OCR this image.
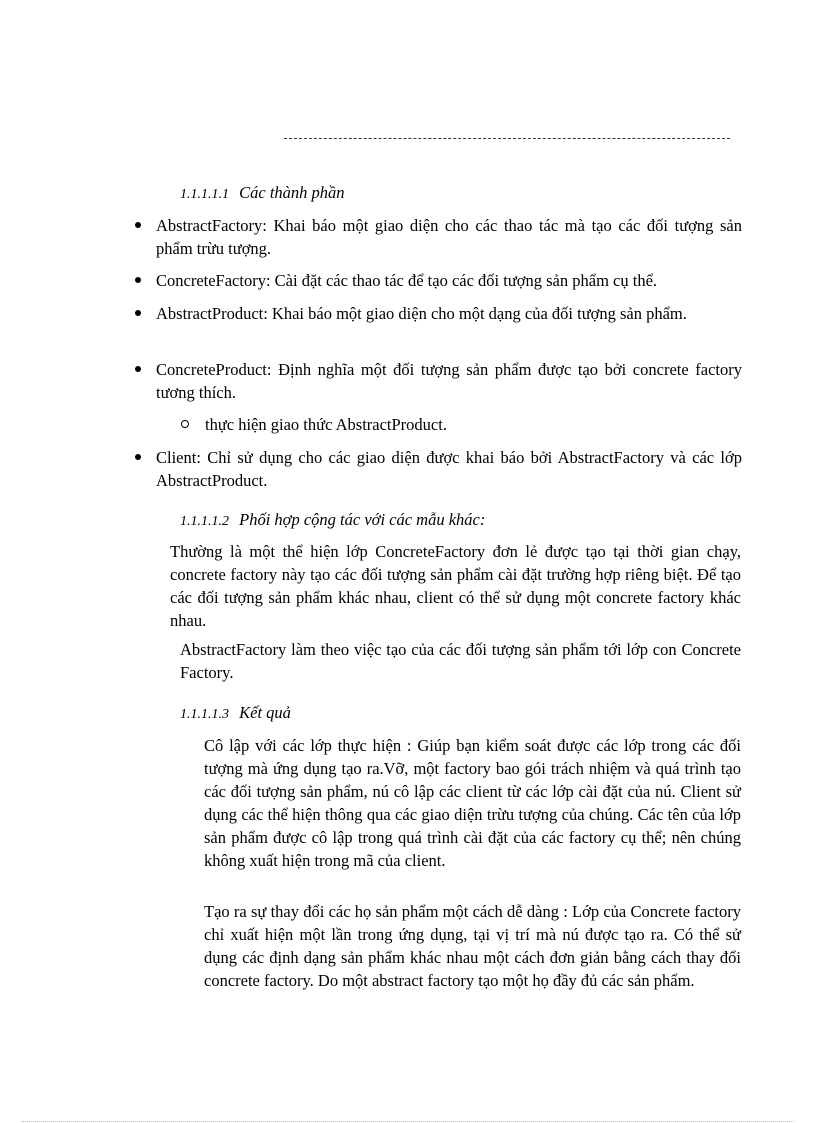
1.1.1.1.1 Các thành phần
AbstractFactory: Khai báo một giao diện cho các thao tác mà tạo các đối tượng sản phẩm trừu tượng.
ConcreteFactory: Cài đặt các thao tác để tạo các đối tượng sản phẩm cụ thể.
AbstractProduct: Khai báo một giao diện cho một dạng của đối tượng sản phẩm.
ConcreteProduct: Định nghĩa một đối tượng sản phẩm được tạo bởi concrete factory tương thích.
thực hiện giao thức AbstractProduct.
Client: Chỉ sử dụng cho các giao diện được khai báo bởi AbstractFactory và các lớp AbstractProduct.
1.1.1.1.2 Phối hợp cộng tác với các mẫu khác:
Thường là một thể hiện lớp ConcreteFactory đơn lẻ được tạo tại thời gian chạy, concrete factory này tạo các đối tượng sản phẩm cài đặt trường hợp riêng biệt. Để tạo các đối tượng sản phẩm khác nhau, client có thể sử dụng một concrete factory khác nhau.
AbstractFactory làm theo việc tạo của các đối tượng sản phẩm tới lớp con Concrete Factory.
1.1.1.1.3 Kết quả
Cô lập với các lớp thực hiện : Giúp bạn kiểm soát được các lớp trong các đối tượng mà ứng dụng tạo ra.Vỡ, một factory bao gói trách nhiệm và quá trình tạo các đối tượng sản phẩm, nú cô lập các client từ các lớp cài đặt của nú. Client sử dụng các thể hiện thông qua các giao diện trừu tượng của chúng. Các tên của lớp sản phẩm được cô lập trong quá trình cài đặt của các factory cụ thể; nên chúng không xuất hiện trong mã của client.
Tạo ra sự thay đổi các họ sản phẩm một cách dễ dàng : Lớp của Concrete factory chỉ xuất hiện một lần trong ứng dụng, tại vị trí mà nú được tạo ra. Có thể sử dụng các định dạng sản phẩm khác nhau một cách đơn giản bằng cách thay đổi concrete factory. Do một abstract factory tạo một họ đầy đủ các sản phẩm.
